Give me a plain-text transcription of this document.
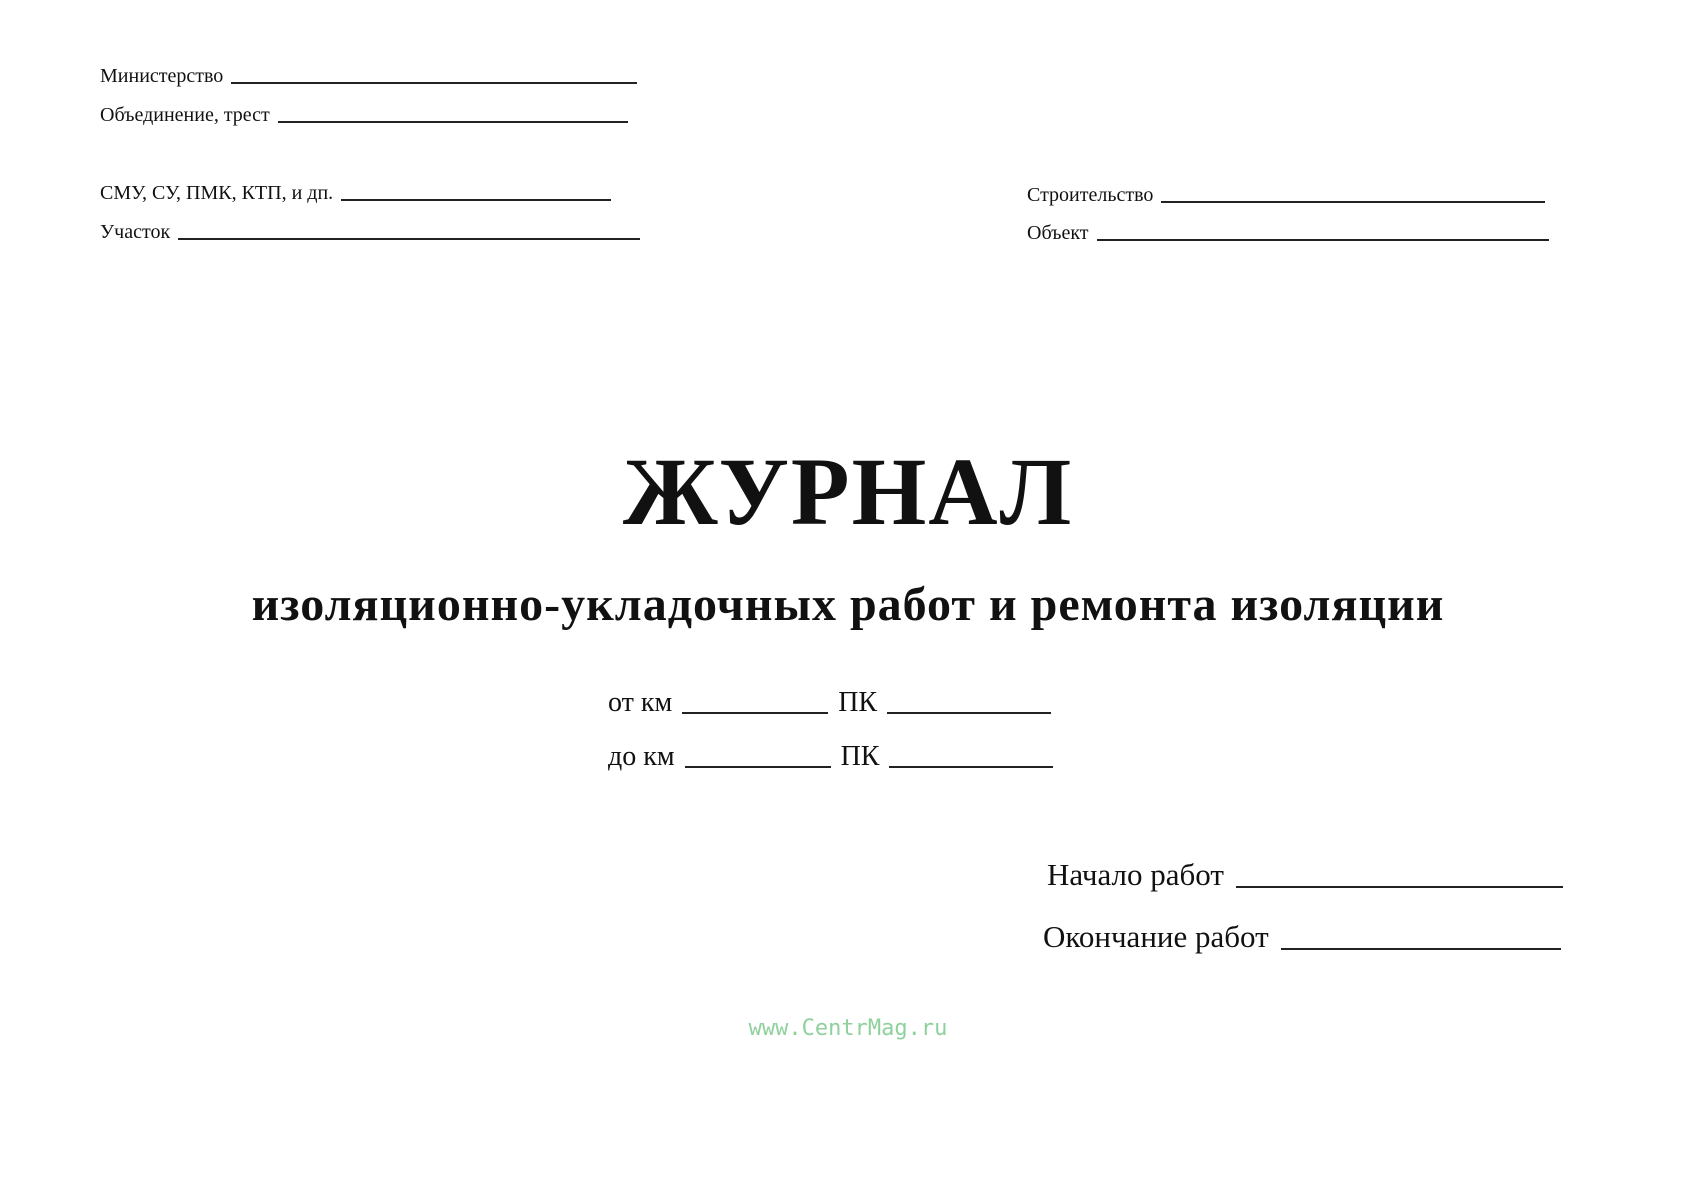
Министерство
Объединение, трест
СМУ, СУ, ПМК, КТП, и дп.
Участок
Строительство
Объект
ЖУРНАЛ
изоляционно-укладочных работ и ремонта изоляции
от км	ПК
до км	ПК
Начало работ
Окончание работ
www.CentrMag.ru
